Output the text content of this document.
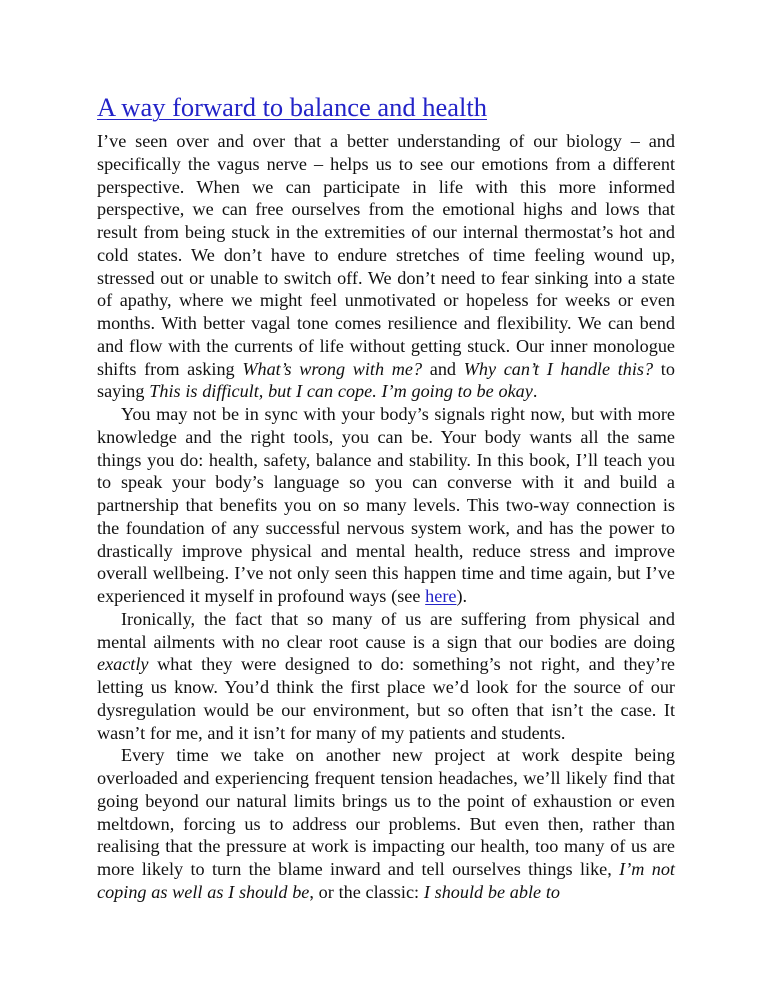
A way forward to balance and health

I’ve seen over and over that a better understanding of our biology – and specifically the vagus nerve – helps us to see our emotions from a different perspective. When we can participate in life with this more informed perspective, we can free ourselves from the emotional highs and lows that result from being stuck in the extremities of our internal thermostat’s hot and cold states. We don’t have to endure stretches of time feeling wound up, stressed out or unable to switch off. We don’t need to fear sinking into a state of apathy, where we might feel unmotivated or hopeless for weeks or even months. With better vagal tone comes resilience and flexibility. We can bend and flow with the currents of life without getting stuck. Our inner monologue shifts from asking What’s wrong with me? and Why can’t I handle this? to saying This is difficult, but I can cope. I’m going to be okay.

You may not be in sync with your body’s signals right now, but with more knowledge and the right tools, you can be. Your body wants all the same things you do: health, safety, balance and stability. In this book, I’ll teach you to speak your body’s language so you can converse with it and build a partnership that benefits you on so many levels. This two-way connection is the foundation of any successful nervous system work, and has the power to drastically improve physical and mental health, reduce stress and improve overall wellbeing. I’ve not only seen this happen time and time again, but I’ve experienced it myself in profound ways (see here).

Ironically, the fact that so many of us are suffering from physical and mental ailments with no clear root cause is a sign that our bodies are doing exactly what they were designed to do: something’s not right, and they’re letting us know. You’d think the first place we’d look for the source of our dysregulation would be our environment, but so often that isn’t the case. It wasn’t for me, and it isn’t for many of my patients and students.

Every time we take on another new project at work despite being overloaded and experiencing frequent tension headaches, we’ll likely find that going beyond our natural limits brings us to the point of exhaustion or even meltdown, forcing us to address our problems. But even then, rather than realising that the pressure at work is impacting our health, too many of us are more likely to turn the blame inward and tell ourselves things like, I’m not coping as well as I should be, or the classic: I should be able to
